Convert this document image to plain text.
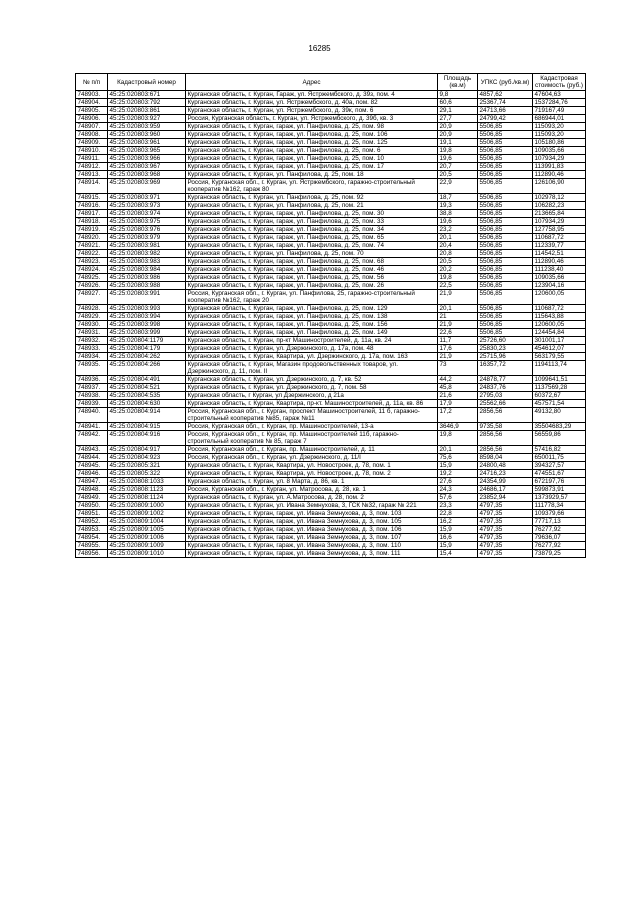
16285
№ п/п	Кадастровый номер	Адрес	Площадь (кв.м)	УПКС (руб./кв.м)	Кадастровая стоимость (руб.)
748903.	45:25:020803:671	Курганская область, г. Курган, Гараж, ул. Ястржембского, д. 39з, пом. 4	9,8	4857,62	47604,63
748904.	45:25:020803:792	Курганская область, г. Курган, ул. Ястржембского, д. 40а, пом. 82	60,6	25367,74	1537284,76
748905.	45:25:020803:861	Курганская область, г. Курган, ул. Ястржембского, д. 39к, пом. 6	29,1	24713,66	719167,49
748906.	45:25:020803:927	Россия, Курганская область, г. Курган, ул. Ястржембского, д. 39б, кв. 3	27,7	24799,42	686944,01
748907.	45:25:020803:959	Курганская область, г. Курган, гараж, ул. Панфилова, д. 25, пом. 98	20,9	5506,85	115093,20
748908.	45:25:020803:960	Курганская область, г. Курган, гараж, ул. Панфилова, д. 25, пом. 106	20,9	5506,85	115093,20
748909.	45:25:020803:961	Курганская область, г. Курган, гараж, ул. Панфилова, д. 25, пом. 125	19,1	5506,85	105180,86
748910.	45:25:020803:965	Курганская область, г. Курган, гараж, ул. Панфилова, д. 25, пом. 6	19,8	5506,85	109035,66
748911.	45:25:020803:966	Курганская область, г. Курган, гараж, ул. Панфилова, д. 25, пом. 10	19,6	5506,85	107934,29
748912.	45:25:020803:967	Курганская область, г. Курган, гараж, ул. Панфилова, д. 25, пом. 17	20,7	5506,85	113991,83
748913.	45:25:020803:968	Курганская область, г. Курган, ул. Панфилова, д. 25, пом. 18	20,5	5506,85	112890,46
748914.	45:25:020803:969	Россия, Курганская обл., г. Курган, ул. Ястржембского, гаражно-строительный кооператив №162, гараж 80	22,9	5506,85	126106,90
748915.	45:25:020803:971	Курганская область, г. Курган, ул. Панфилова, д. 25, пом. 92	18,7	5506,85	102978,12
748916.	45:25:020803:973	Курганская область, г. Курган, ул. Панфилова, д. 25, пом. 21	19,3	5506,85	106282,23
748917.	45:25:020803:974	Курганская область, г. Курган, гараж, ул. Панфилова, д. 25, пом. 30	38,8	5506,85	213665,84
748918.	45:25:020803:975	Курганская область, г. Курган, гараж, ул. Панфилова, д. 25, пом. 33	19,6	5506,85	107934,29
748919.	45:25:020803:976	Курганская область, г. Курган, гараж, ул. Панфилова, д. 25, пом. 34	23,2	5506,85	127758,95
748920.	45:25:020803:979	Курганская область, г. Курган, гараж, ул. Панфилова, д. 25, пом. 65	20,1	5506,85	110687,72
748921.	45:25:020803:981	Курганская область, г. Курган, гараж, ул. Панфилова, д. 25, пом. 74	20,4	5506,85	112339,77
748922.	45:25:020803:982	Курганская область, г. Курган, ул. Панфилова, д. 25, пом. 70	20,8	5506,85	114542,51
748923.	45:25:020803:983	Курганская область, г. Курган, гараж, ул. Панфилова, д. 25, пом. 68	20,5	5506,85	112890,46
748924.	45:25:020803:984	Курганская область, г. Курган, гараж, ул. Панфилова, д. 25, пом. 46	20,2	5506,85	111238,40
748925.	45:25:020803:986	Курганская область, г. Курган, гараж, ул. Панфилова, д. 25, пом. 56	19,8	5506,85	109035,66
748926.	45:25:020803:988	Курганская область, г. Курган, гараж, ул. Панфилова, д. 25, пом. 26	22,5	5506,85	123904,16
748927.	45:25:020803:991	Россия, Курганская обл., г. Курган, ул. Панфилова, 25, гаражно-строительный кооператив №162, гараж 20	21,9	5506,85	120600,05
748928.	45:25:020803:993	Курганская область, г. Курган, гараж, ул. Панфилова, д. 25, пом. 129	20,1	5506,85	110687,72
748929.	45:25:020803:994	Курганская область, г. Курган, гараж, ул. Панфилова, д. 25, пом. 138	21	5506,85	115643,88
748930.	45:25:020803:998	Курганская область, г. Курган, гараж, ул. Панфилова, д. 25, пом. 156	21,9	5506,85	120600,05
748931.	45:25:020803:999	Курганская область, г. Курган, гараж, ул. Панфилова, д. 25, пом. 149	22,6	5506,85	124454,84
748932.	45:25:020804:1179	Курганская область, г. Курган, пр-кт Машиностроителей, д. 11а, кв. 24	11,7	25726,60	301001,17
748933.	45:25:020804:179	Курганская область, г. Курган, ул. Дзержинского, д. 17а, пом. 48	17,6	25830,23	454612,07
748934.	45:25:020804:262	Курганская область, г. Курган, Квартира, ул. Дзержинского, д. 17а, пом. 163	21,9	25715,96	563179,55
748935.	45:25:020804:266	Курганская область, г. Курган, Магазин продовольственных товаров, ул. Дзержинского, д. 11, пом. II	73	16357,72	1194113,74
748936.	45:25:020804:491	Курганская область, г. Курган, ул. Дзержинского, д. 7, кв. 52	44,2	24878,77	1099641,51
748937.	45:25:020804:521	Курганская область, г. Курган, ул. Дзержинского, д. 7, пом. 58	45,8	24837,76	1137569,28
748938.	45:25:020804:535	Курганская область, г Курган, ул Дзержинского, д 21а	21,6	2795,03	60372,67
748939.	45:25:020804:630	Курганская область, г. Курган, Квартира, пр-кт. Машиностроителей, д. 11а, кв. 86	17,9	25562,66	457571,54
748940.	45:25:020804:914	Россия, Курганская обл., г. Курган, проспект Машиностроителей, 11 б, гаражно-строительный кооператив №85, гараж №11	17,2	2856,56	49132,80
748941.	45:25:020804:915	Россия, Курганская обл., г. Курган, пр. Машиностроителей, 13-а	3646,9	9735,58	35504683,29
748942.	45:25:020804:916	Россия, Курганская обл., г. Курган, пр. Машиностроителей 11б, гаражно-строительный кооператив № 85, гараж 7	19,8	2856,56	56559,86
748943.	45:25:020804:917	Россия, Курганская обл., г. Курган, пр. Машиностроителей, д. 11	20,1	2856,56	57416,82
748944.	45:25:020804:923	Россия, Курганская обл., г. Курган, ул. Дзержинского, д. 11/I	75,6	8598,04	650011,75
748945.	45:25:020805:321	Курганская область, г. Курган, Квартира, ул. Новостроек, д. 78, пом. 1	15,9	24800,48	394327,57
748946.	45:25:020805:322	Курганская область, г. Курган, Квартира, ул. Новостроек, д. 78, пом. 2	19,2	24716,23	474551,67
748947.	45:25:020808:1033	Курганская область, г. Курган, ул. 8 Марта, д. 86, кв. 1	27,6	24354,99	672197,76
748948.	45:25:020808:1123	Россия, Курганская обл., г. Курган, ул. Матросова, д. 28, кв. 1	24,3	24686,17	599873,91
748949.	45:25:020808:1124	Курганская область, г. Курган, ул. А.Матросова, д. 28, пом. 2	57,6	23852,94	1373929,57
748950.	45:25:020809:1000	Курганская область, г. Курган, ул. Ивана Земнухова, 3, ГСК №32, гараж № 221	23,3	4797,35	111778,34
748951.	45:25:020809:1002	Курганская область, г. Курган, гараж, ул. Ивана Земнухова, д. 3, пом. 103	22,8	4797,35	109379,66
748952.	45:25:020809:1004	Курганская область, г. Курган, гараж, ул. Ивана Земнухова, д. 3, пом. 105	16,2	4797,35	77717,13
748953.	45:25:020809:1005	Курганская область, г. Курган, гараж, ул. Ивана Земнухова, д. 3, пом. 106	15,9	4797,35	76277,92
748954.	45:25:020809:1006	Курганская область, г. Курган, гараж, ул. Ивана Земнухова, д. 3, пом. 107	16,6	4797,35	79636,07
748955.	45:25:020809:1009	Курганская область, г. Курган, гараж, ул. Ивана Земнухова, д. 3, пом. 110	15,9	4797,35	76277,92
748956.	45:25:020809:1010	Курганская область, г. Курган, гараж, ул. Ивана Земнухова, д. 3, пом. 111	15,4	4797,35	73879,25
